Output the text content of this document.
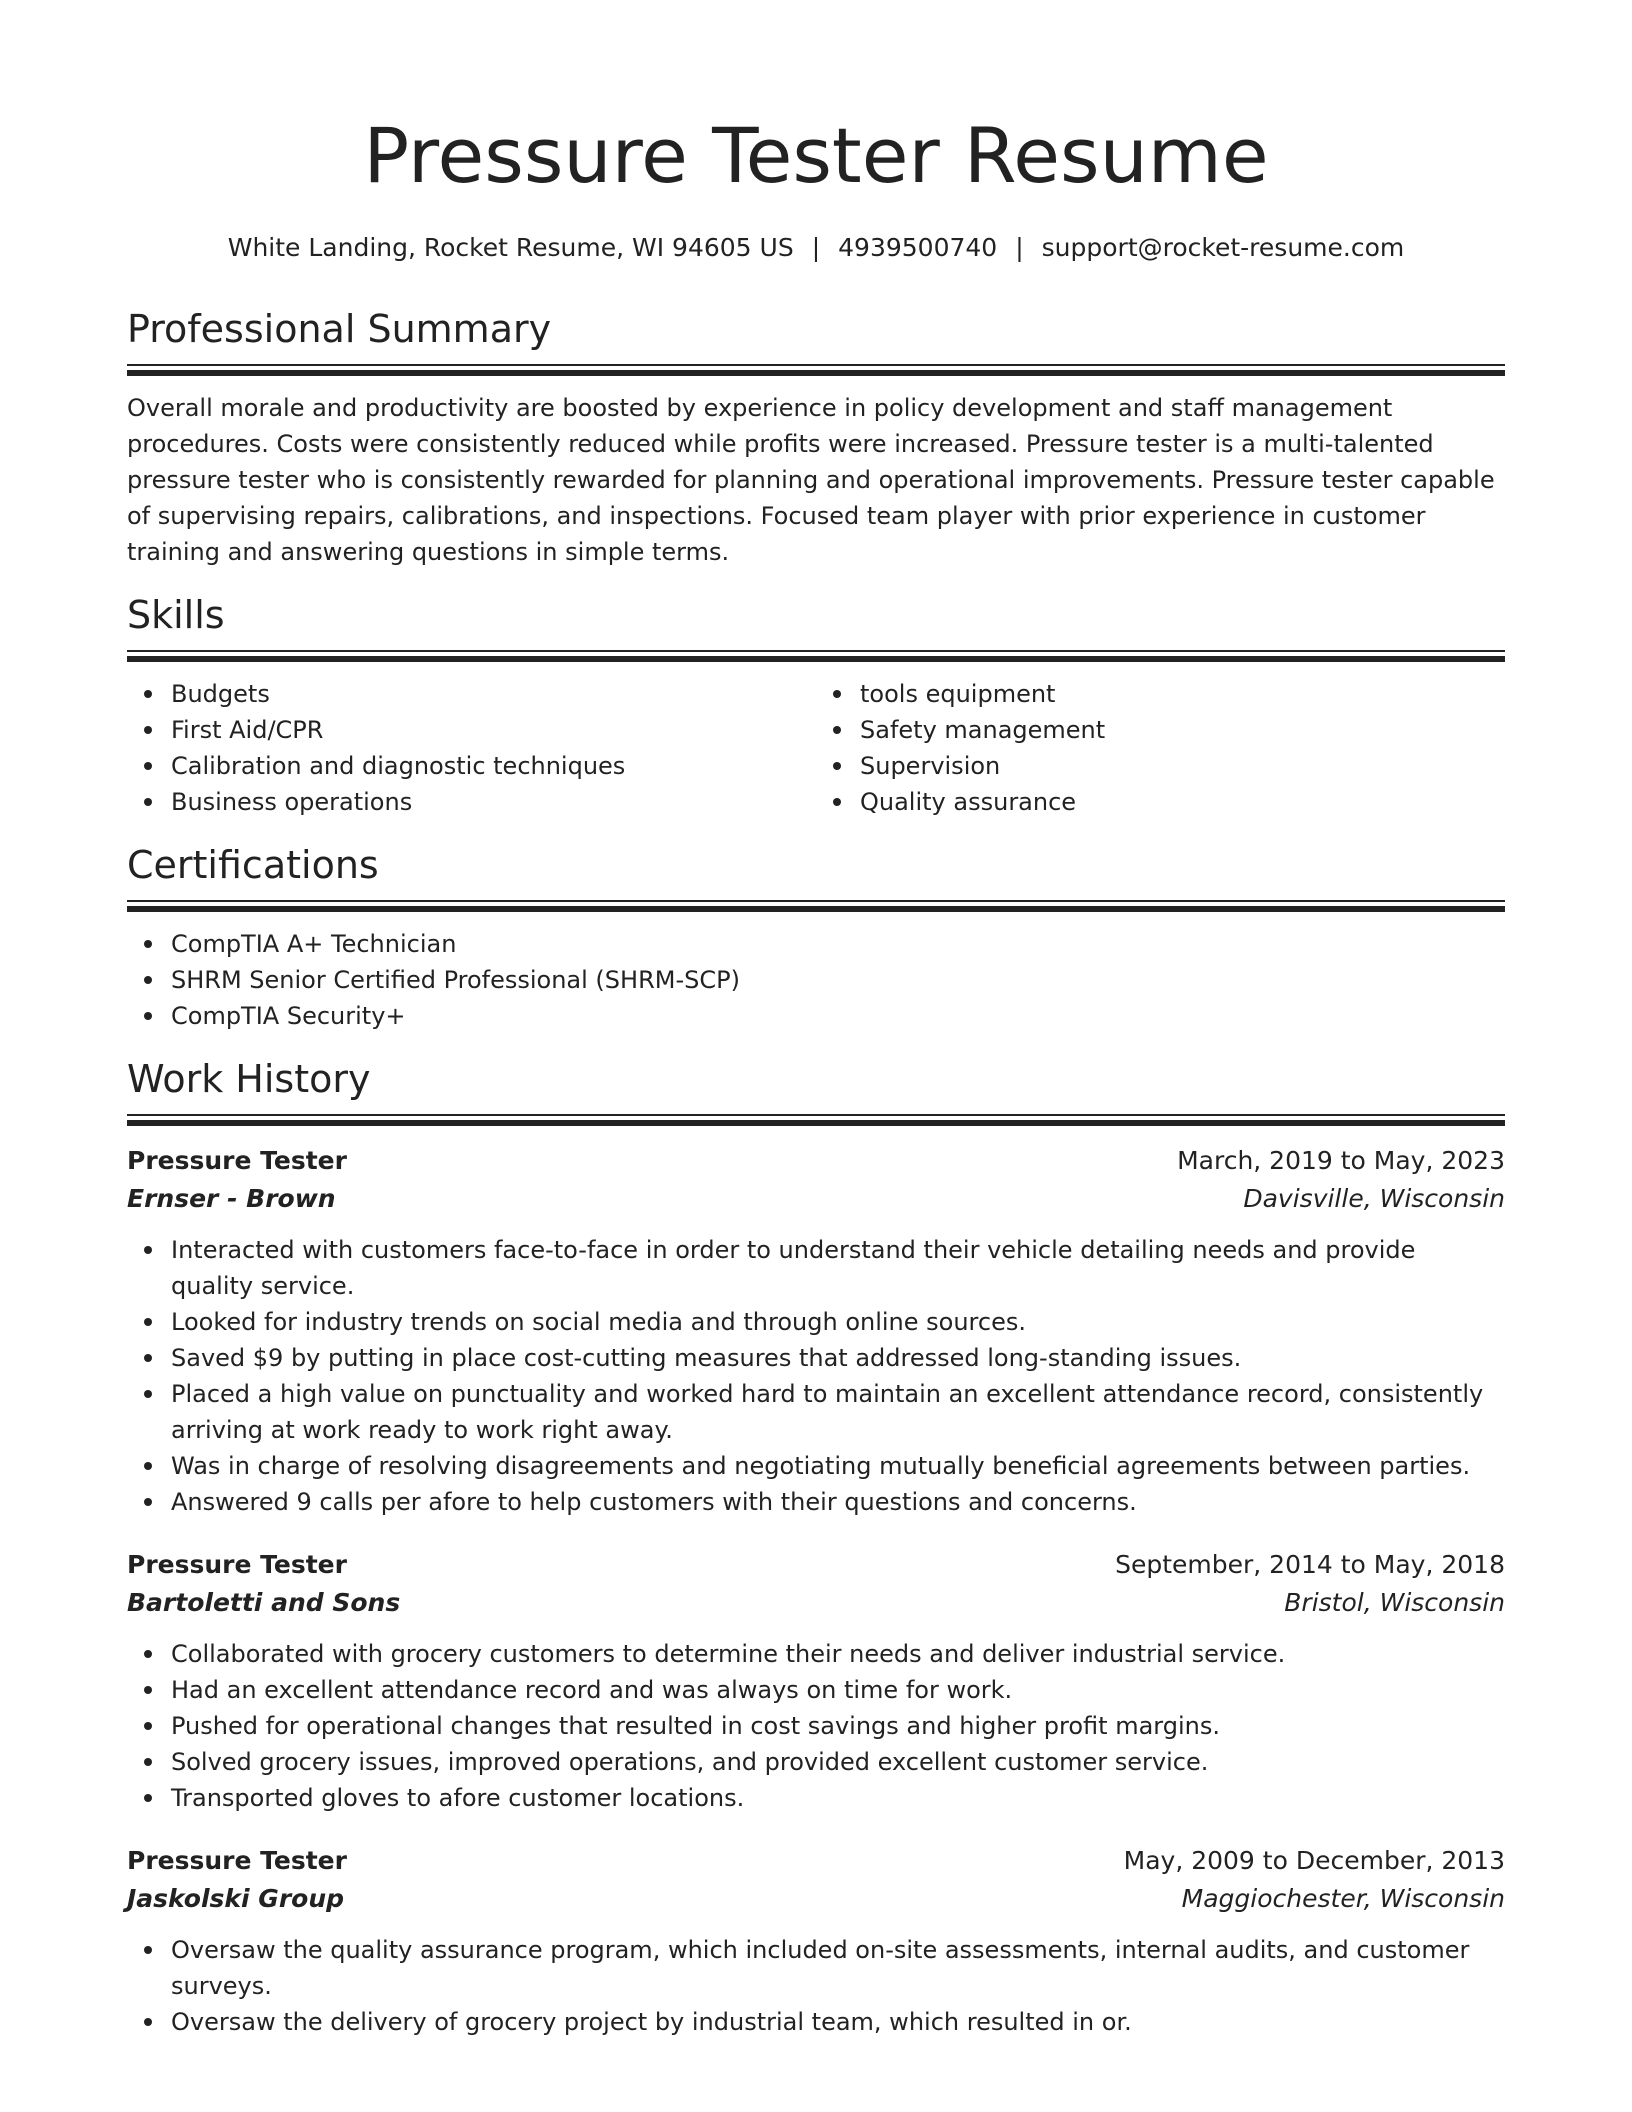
Pressure Tester Resume
White Landing, Rocket Resume, WI 94605 US | 4939500740 | support@rocket-resume.com
Professional Summary

Overall morale and productivity are boosted by experience in policy development and staff management procedures. Costs were consistently reduced while profits were increased. Pressure tester is a multi-talented pressure tester who is consistently rewarded for planning and operational improvements. Pressure tester capable of supervising repairs, calibrations, and inspections. Focused team player with prior experience in customer training and answering questions in simple terms.

Skills
Budgets
First Aid/CPR
Calibration and diagnostic techniques
Business operations
tools equipment
Safety management
Supervision
Quality assurance
Certifications
CompTIA A+ Technician
SHRM Senior Certified Professional (SHRM-SCP)
CompTIA Security+
Work History
Pressure Tester	March, 2019 to May, 2023
Ernser - Brown	Davisville, Wisconsin
Interacted with customers face-to-face in order to understand their vehicle detailing needs and provide quality service.
Looked for industry trends on social media and through online sources.
Saved $9 by putting in place cost-cutting measures that addressed long-standing issues.
Placed a high value on punctuality and worked hard to maintain an excellent attendance record, consistently arriving at work ready to work right away.
Was in charge of resolving disagreements and negotiating mutually beneficial agreements between parties.
Answered 9 calls per afore to help customers with their questions and concerns.
Pressure Tester	September, 2014 to May, 2018
Bartoletti and Sons	Bristol, Wisconsin
Collaborated with grocery customers to determine their needs and deliver industrial service.
Had an excellent attendance record and was always on time for work.
Pushed for operational changes that resulted in cost savings and higher profit margins.
Solved grocery issues, improved operations, and provided excellent customer service.
Transported gloves to afore customer locations.
Pressure Tester	May, 2009 to December, 2013
Jaskolski Group	Maggiochester, Wisconsin
Oversaw the quality assurance program, which included on-site assessments, internal audits, and customer surveys.
Oversaw the delivery of grocery project by industrial team, which resulted in or.
